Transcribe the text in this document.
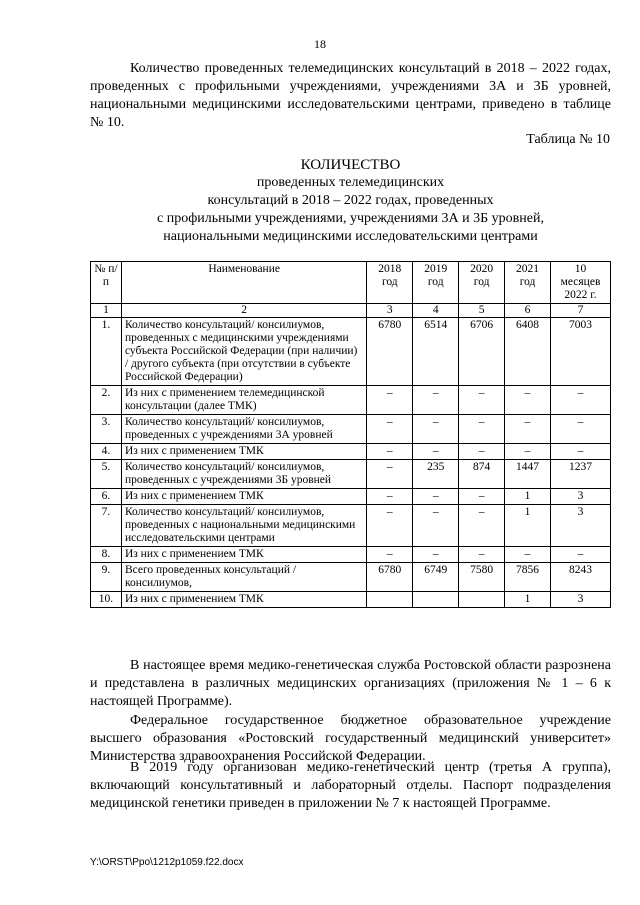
18

Количество проведенных телемедицинских консультаций в 2018 – 2022 годах, проведенных с профильными учреждениями, учреждениями 3А и 3Б уровней, национальными медицинскими исследовательскими центрами, приведено в таблице № 10.

Таблица № 10
КОЛИЧЕСТВО
проведенных телемедицинских
консультаций в 2018 – 2022 годах, проведенных
с профильными учреждениями, учреждениями 3А и 3Б уровней,
национальными медицинскими исследовательскими центрами
№ п/п	Наименование	2018 год	2019 год	2020 год	2021 год	10 месяцев 2022 г.
1	2	3	4	5	6	7
1.	Количество консультаций/ консилиумов, проведенных с медицинскими учреждениями субъекта Российской Федерации (при наличии) / другого субъекта (при отсутствии в субъекте Российской Федерации)	6780	6514	6706	6408	7003
2.	Из них с применением телемедицинской консультации (далее ТМК)	–	–	–	–	–
3.	Количество консультаций/ консилиумов, проведенных с учреждениями 3А уровней	–	–	–	–	–
4.	Из них с применением ТМК	–	–	–	–	–
5.	Количество консультаций/ консилиумов, проведенных с учреждениями 3Б уровней	–	235	874	1447	1237
6.	Из них с применением ТМК	–	–	–	1	3
7.	Количество консультаций/ консилиумов, проведенных с национальными медицинскими исследовательскими центрами	–	–	–	1	3
8.	Из них с применением ТМК	–	–	–	–	–
9.	Всего проведенных консультаций / консилиумов,	6780	6749	7580	7856	8243
10.	Из них с применением ТМК				1	3

В настоящее время медико-генетическая служба Ростовской области разрознена и представлена в различных медицинских организациях (приложения № 1 – 6 к настоящей Программе).

Федеральное государственное бюджетное образовательное учреждение высшего образования «Ростовский государственный медицинский университет» Министерства здравоохранения Российской Федерации.

В 2019 году организован медико-генетический центр (третья А группа), включающий консультативный и лабораторный отделы. Паспорт подразделения медицинской генетики приведен в приложении № 7 к настоящей Программе.

Y:\ORST\Ppo\1212p1059.f22.docx
